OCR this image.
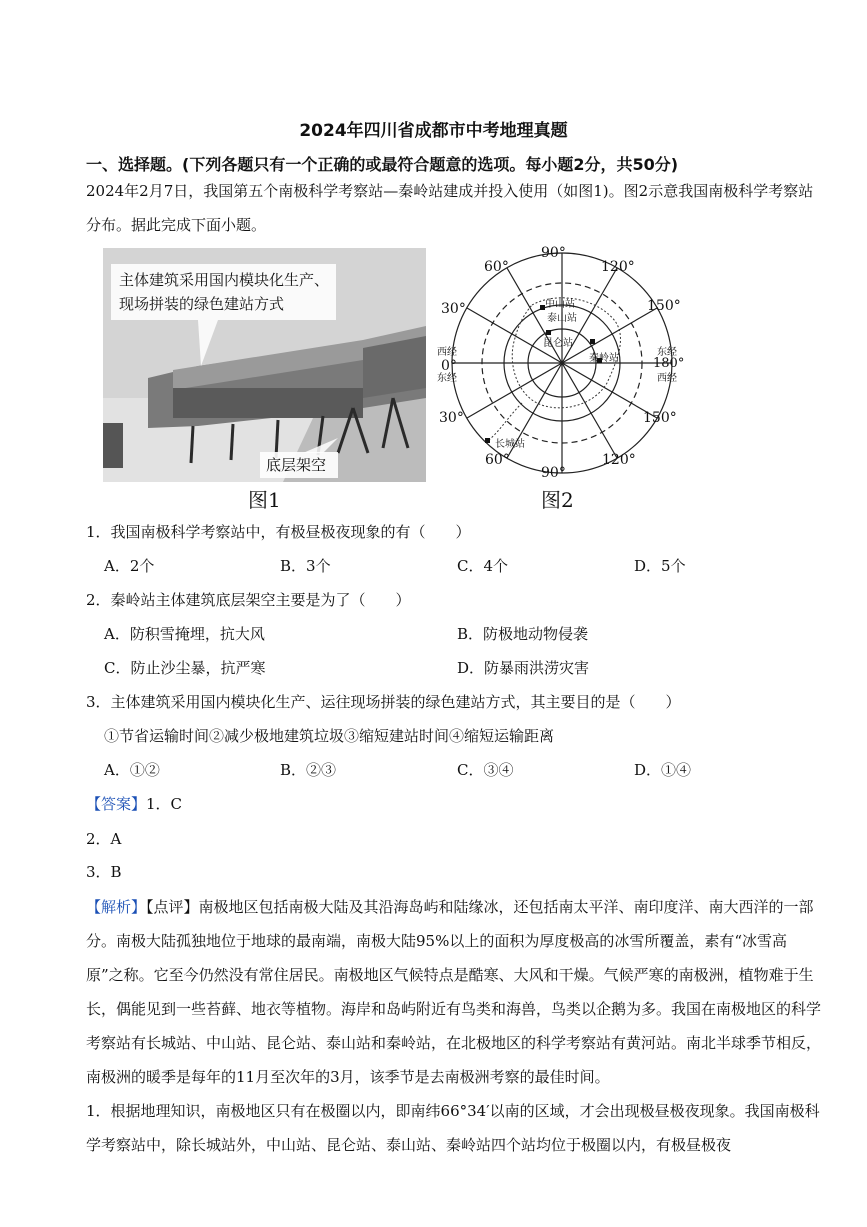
2024年四川省成都市中考地理真题
一、选择题。(下列各题只有一个正确的或最符合题意的选项。每小题2分，共50分)
2024年2月7日，我国第五个南极科学考察站—秦岭站建成并投入使用（如图1)。图2示意我国南极科学考察站分布。据此完成下面小题。
主体建筑采用国内模块化生产、
现场拼装的绿色建站方式
底层架空
图1
90°
60°	120°
30°	150°
西经
0°
东经
东经
180°
西经
30°	150°
60°
90°
120°
中山站
泰山站
昆仑站
秦岭站
长城站
图2
1．我国南极科学考察站中，有极昼极夜现象的有（　　）
A．2个	B．3个	C．4个	D．5个
2．秦岭站主体建筑底层架空主要是为了（　　）
A．防积雪掩埋，抗大风	B．防极地动物侵袭
C．防止沙尘暴，抗严寒	D．防暴雨洪涝灾害
3．主体建筑采用国内模块化生产、运往现场拼装的绿色建站方式，其主要目的是（　　）
①节省运输时间②减少极地建筑垃圾③缩短建站时间④缩短运输距离
A．①②	B．②③	C．③④	D．①④
【答案】1．C
2．A
3．B
【解析】【点评】南极地区包括南极大陆及其沿海岛屿和陆缘冰，还包括南太平洋、南印度洋、南大西洋的一部分。南极大陆孤独地位于地球的最南端，南极大陆95%以上的面积为厚度极高的冰雪所覆盖，素有“冰雪高原”之称。它至今仍然没有常住居民。南极地区气候特点是酷寒、大风和干燥。气候严寒的南极洲，植物难于生长，偶能见到一些苔藓、地衣等植物。海岸和岛屿附近有鸟类和海兽，鸟类以企鹅为多。我国在南极地区的科学考察站有长城站、中山站、昆仑站、泰山站和秦岭站，在北极地区的科学考察站有黄河站。南北半球季节相反，南极洲的暖季是每年的11月至次年的3月，该季节是去南极洲考察的最佳时间。
1．根据地理知识，南极地区只有在极圈以内，即南纬66°34′以南的区域，才会出现极昼极夜现象。我国南极科学考察站中，除长城站外，中山站、昆仑站、泰山站、秦岭站四个站均位于极圈以内，有极昼极夜
